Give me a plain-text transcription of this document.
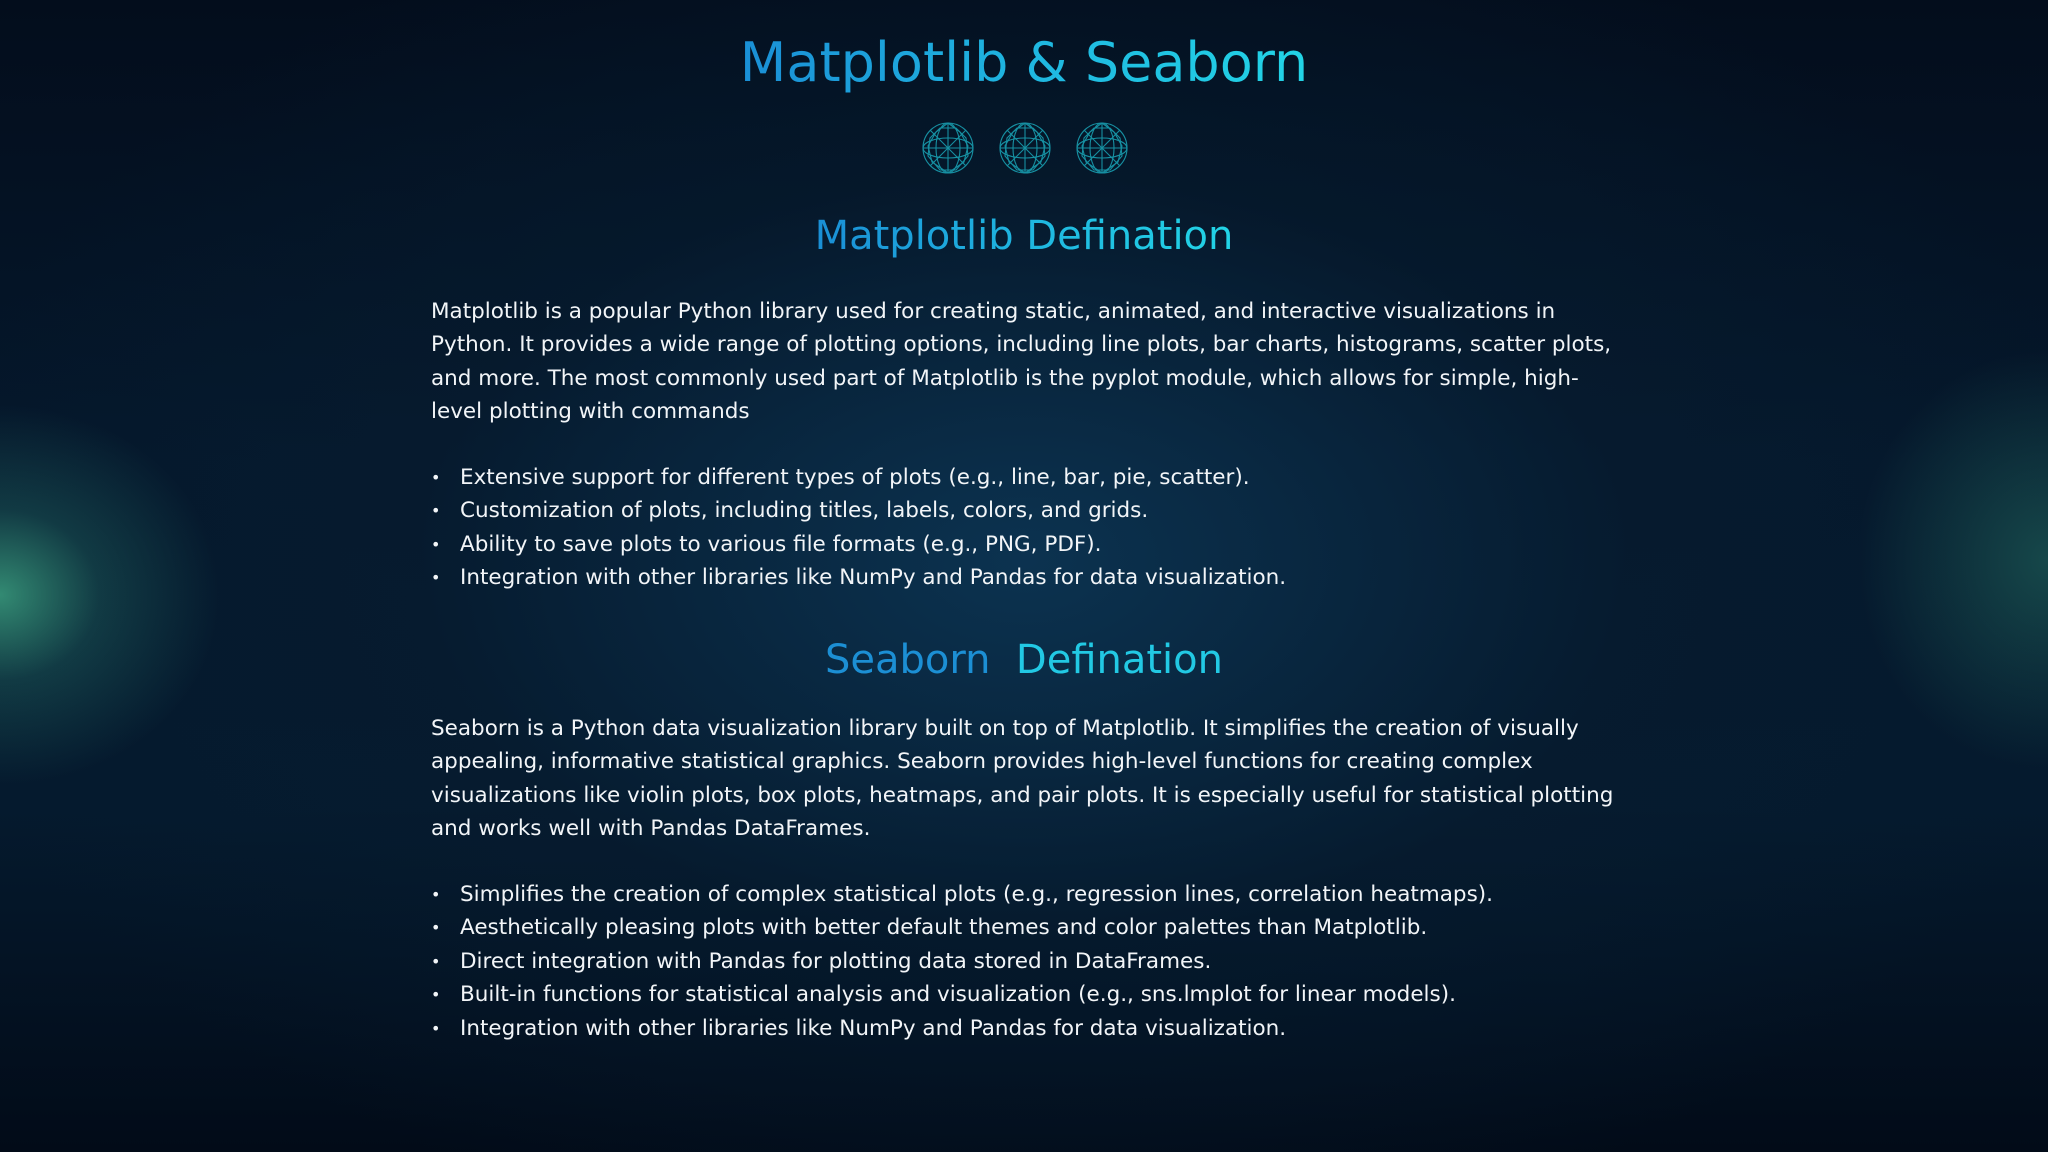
Matplotlib & Seaborn
Matplotlib Defination

Matplotlib is a popular Python library used for creating static, animated, and interactive visualizations in Python. It provides a wide range of plotting options, including line plots, bar charts, histograms, scatter plots, and more. The most commonly used part of Matplotlib is the pyplot module, which allows for simple, high-level plotting with commands

• Extensive support for different types of plots (e.g., line, bar, pie, scatter).
• Customization of plots, including titles, labels, colors, and grids.
• Ability to save plots to various file formats (e.g., PNG, PDF).
• Integration with other libraries like NumPy and Pandas for data visualization.
Seaborn Defination

Seaborn is a Python data visualization library built on top of Matplotlib. It simplifies the creation of visually appealing, informative statistical graphics. Seaborn provides high-level functions for creating complex visualizations like violin plots, box plots, heatmaps, and pair plots. It is especially useful for statistical plotting and works well with Pandas DataFrames.

• Simplifies the creation of complex statistical plots (e.g., regression lines, correlation heatmaps).
• Aesthetically pleasing plots with better default themes and color palettes than Matplotlib.
• Direct integration with Pandas for plotting data stored in DataFrames.
• Built-in functions for statistical analysis and visualization (e.g., sns.lmplot for linear models).
• Integration with other libraries like NumPy and Pandas for data visualization.
